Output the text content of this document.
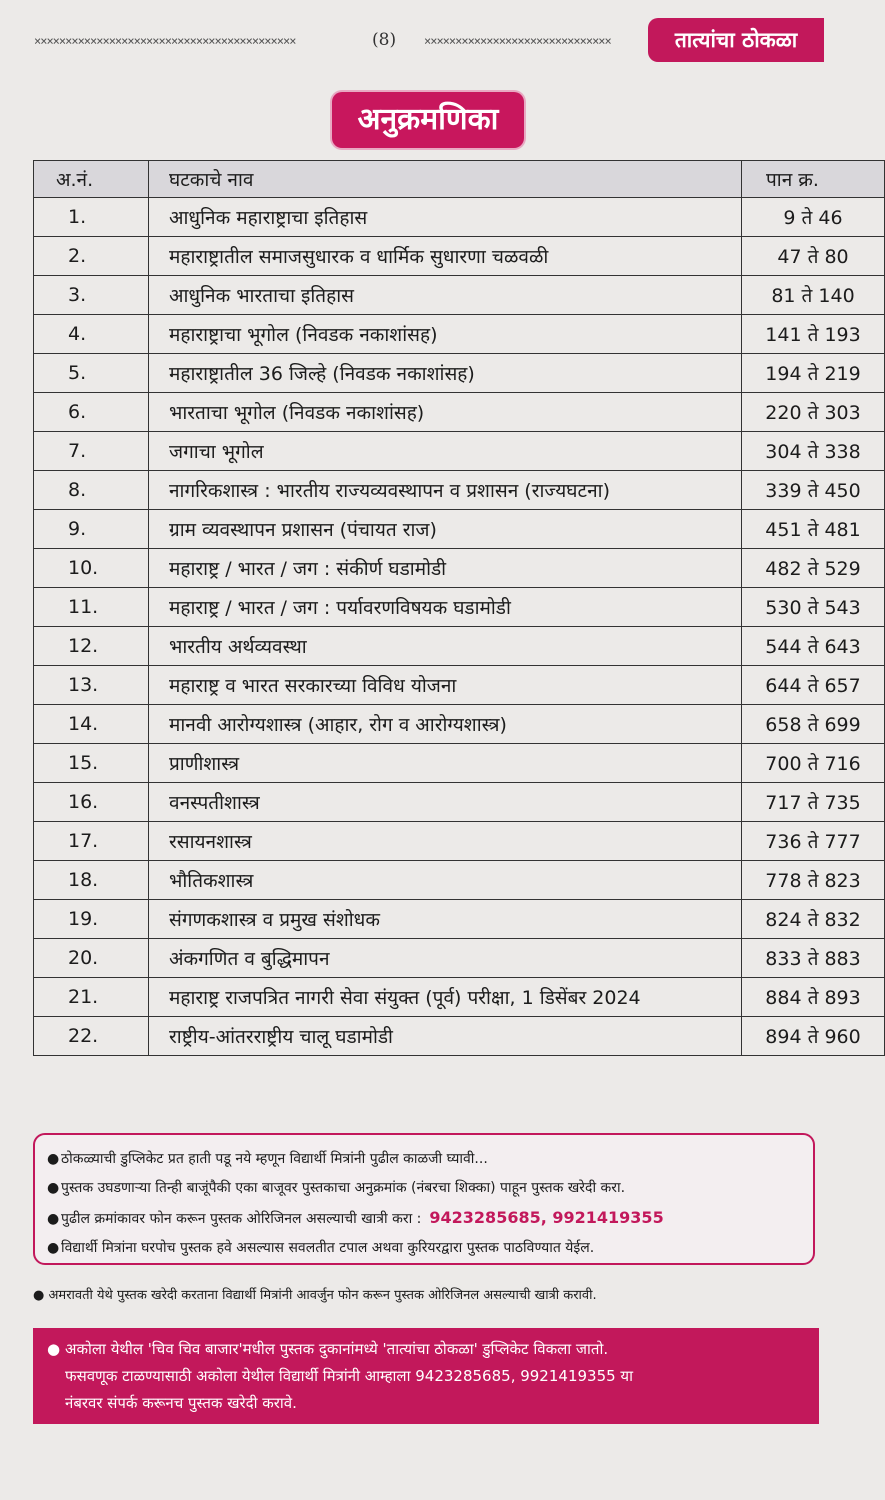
××××××××××××××××××××××××××××××××××××××××××	(8) ××××××××××××××××××××××××××××××	तात्यांचा ठोकळा
अनुक्रमणिका
अ.नं.	घटकाचे नाव	पान क्र.
1.	आधुनिक महाराष्ट्राचा इतिहास	9 ते 46
2.	महाराष्ट्रातील समाजसुधारक व धार्मिक सुधारणा चळवळी	47 ते 80
3.	आधुनिक भारताचा इतिहास	81 ते 140
4.	महाराष्ट्राचा भूगोल (निवडक नकाशांसह)	141 ते 193
5.	महाराष्ट्रातील 36 जिल्हे (निवडक नकाशांसह)	194 ते 219
6.	भारताचा भूगोल (निवडक नकाशांसह)	220 ते 303
7.	जगाचा भूगोल	304 ते 338
8.	नागरिकशास्त्र : भारतीय राज्यव्यवस्थापन व प्रशासन (राज्यघटना)	339 ते 450
9.	ग्राम व्यवस्थापन प्रशासन (पंचायत राज)	451 ते 481
10.	महाराष्ट्र / भारत / जग : संकीर्ण घडामोडी	482 ते 529
11.	महाराष्ट्र / भारत / जग : पर्यावरणविषयक घडामोडी	530 ते 543
12.	भारतीय अर्थव्यवस्था	544 ते 643
13.	महाराष्ट्र व भारत सरकारच्या विविध योजना	644 ते 657
14.	मानवी आरोग्यशास्त्र (आहार, रोग व आरोग्यशास्त्र)	658 ते 699
15.	प्राणीशास्त्र	700 ते 716
16.	वनस्पतीशास्त्र	717 ते 735
17.	रसायनशास्त्र	736 ते 777
18.	भौतिकशास्त्र	778 ते 823
19.	संगणकशास्त्र व प्रमुख संशोधक	824 ते 832
20.	अंकगणित व बुद्धिमापन	833 ते 883
21.	महाराष्ट्र राजपत्रित नागरी सेवा संयुक्त (पूर्व) परीक्षा, 1 डिसेंबर 2024	884 ते 893
22.	राष्ट्रीय-आंतरराष्ट्रीय चालू घडामोडी	894 ते 960
● ठोकळ्याची डुप्लिकेट प्रत हाती पडू नये म्हणून विद्यार्थी मित्रांनी पुढील काळजी घ्यावी...
● पुस्तक उघडणाऱ्या तिन्ही बाजूंपैकी एका बाजूवर पुस्तकाचा अनुक्रमांक (नंबरचा शिक्का) पाहून पुस्तक खरेदी करा.
● पुढील क्रमांकावर फोन करून पुस्तक ओरिजिनल असल्याची खात्री करा : 9423285685, 9921419355
● विद्यार्थी मित्रांना घरपोच पुस्तक हवे असल्यास सवलतीत टपाल अथवा कुरियरद्वारा पुस्तक पाठविण्यात येईल.
● अमरावती येथे पुस्तक खरेदी करताना विद्यार्थी मित्रांनी आवर्जुन फोन करून पुस्तक ओरिजिनल असल्याची खात्री करावी.
● अकोला येथील 'चिव चिव बाजार'मधील पुस्तक दुकानांमध्ये 'तात्यांचा ठोकळा' डुप्लिकेट विकला जातो.
फसवणूक टाळण्यासाठी अकोला येथील विद्यार्थी मित्रांनी आम्हाला 9423285685, 9921419355 या
नंबरवर संपर्क करूनच पुस्तक खरेदी करावे.
